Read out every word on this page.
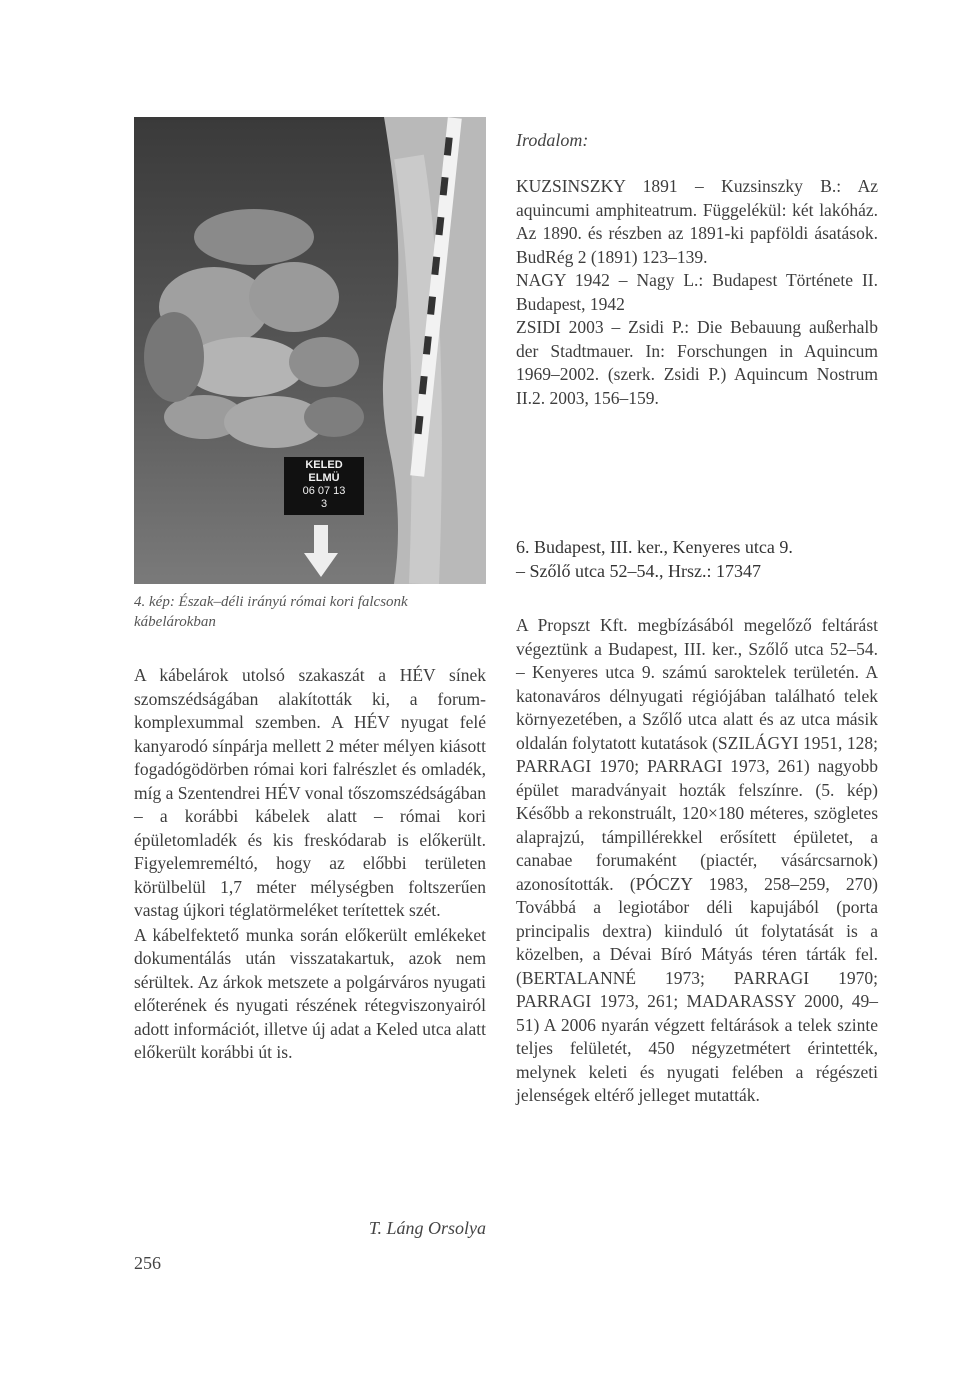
KELED
ELMÜ
06 07 13
3
4. kép: Észak–déli irányú római kori falcsonk kábelárokban

A kábelárok utolsó szakaszát a HÉV sínek szomszédságában alakították ki, a forum-komplexummal szemben. A HÉV nyugat felé kanyarodó sínpárja mellett 2 méter mélyen kiásott fogadógödörben római kori falrészlet és omladék, míg a Szentendrei HÉV vonal tőszomszédságában – a korábbi kábelek alatt – római kori épületomladék és kis freskódarab is előkerült. Figyelemreméltó, hogy az előbbi területen körülbelül 1,7 méter mélységben foltszerűen vastag újkori téglatörmeléket terítettek szét.

A kábelfektető munka során előkerült emlékeket dokumentálás után visszatakartuk, azok nem sérültek. Az árkok metszete a polgárváros nyugati előterének és nyugati részének rétegviszonyairól adott információt, illetve új adat a Keled utca alatt előkerült korábbi út is.

T. Láng Orsolya
256
Irodalom:

KUZSINSZKY 1891 – Kuzsinszky B.: Az aquincumi amphiteatrum. Függelékül: két lakóház. Az 1890. és részben az 1891-ki papföldi ásatások. BudRég 2 (1891) 123–139.

NAGY 1942 – Nagy L.: Budapest Története II. Budapest, 1942

ZSIDI 2003 – Zsidi P.: Die Bebauung außerhalb der Stadtmauer. In: Forschungen in Aquincum 1969–2002. (szerk. Zsidi P.) Aquincum Nostrum II.2. 2003, 156–159.

6. Budapest, III. ker., Kenyeres utca 9.
– Szőlő utca 52–54., Hrsz.: 17347

A Propszt Kft. megbízásából megelőző feltárást végeztünk a Budapest, III. ker., Szőlő utca 52–54. – Kenyeres utca 9. számú saroktelek területén. A katonaváros délnyugati régiójában található telek környezetében, a Szőlő utca alatt és az utca másik oldalán folytatott kutatások (SZILÁGYI 1951, 128; PARRAGI 1970; PARRAGI 1973, 261) nagyobb épület maradványait hozták felszínre. (5. kép) Később a rekonstruált, 120×180 méteres, szögletes alaprajzú, támpillérekkel erősített épületet, a canabae forumaként (piactér, vásárcsarnok) azonosították. (PÓCZY 1983, 258–259, 270) Továbbá a legiotábor déli kapujából (porta principalis dextra) kiinduló út folytatását is a közelben, a Dévai Bíró Mátyás téren tárták fel. (BERTALANNÉ 1973; PARRAGI 1970; PARRAGI 1973, 261; MADARASSY 2000, 49–51) A 2006 nyarán végzett feltárások a telek szinte teljes felületét, 450 négyzetmétert érintették, melynek keleti és nyugati felében a régészeti jelenségek eltérő jelleget mutatták.
